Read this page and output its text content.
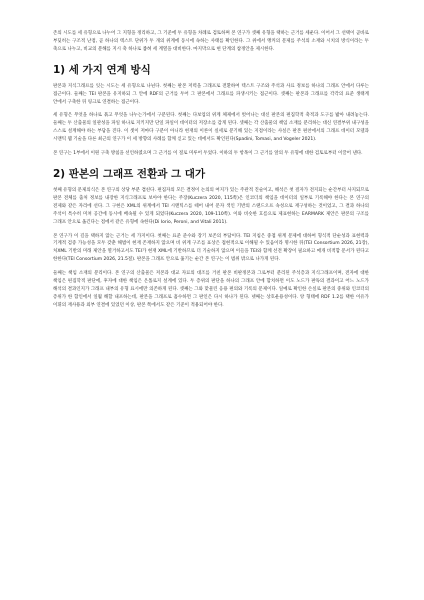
존의 시도를 세 유형으로 나누어 그 지형을 정리하고, 그 기준에 두 유형을 차례로 검토하며 본 연구가 셋째 유형을 택하는 근거를 세운다. 이어서 그 선택이 곧바로 부딪히는 구조적 난점, 곧 하나의 텍스트 단위가 두 개의 위계에 동시에 속하는 사태를 확인한다. 그 위에서 앵커의 문제를 주석의 소재와 시치의 방식이라는 두 축으로 나누고, 비교의 분해를 지시 축 하나로 좁혀 세 계열을 대비한다. 마지막으로 현 단계의 참정안을 제시한다.

1) 세 가지 연계 방식

판본과 지식그래프를 잇는 시도는 세 유형으로 나뉜다. 첫째는 판본 저력을 그래프로 전환하여 텍스트 구조와 주석과 사료 정보를 하나의 그래프 안에서 다루는 접근이다. 둘째는 TEI 판본을 유지하되 그 안에 RDF의 근거를 두어 그 판본에서 그래프를 파생시키는 접근이다. 셋째는 판본과 그래프를 각각의 표준 생태계 안에서 구축한 뒤 링크로 연결하는 접근이다.

세 유형은 무엇을 하나로 묶고 무엇을 나누는가에서 구분된다. 첫째는 다보업의 위계 체제에서 벗어나는 대신 판본의 편집학적 축적과 도구를 밟아 내려놓는다. 둘째는 두 산출물의 일관성을 파일 하나로 지키지만 단일 파일이 데이터의 저장소를 감게 된다. 셋째는 각 산출물의 책임 소재를 분리하는 대신 연결부위 내구성을 스스로 설계해야 하는 부담을 진다. 이 셋이 저마다 구분이 아니라 현재의 이론이 실세로 분기해 있는 지점이라는 사실은 판본 편찬에서의 그래프 데이터 모델과 시맨틱 웹 기술을 다른 최근의 연구가 이 세 방향의 사례를 함께 싣고 있는 데에서도 확인된다(Spadini, Tomasi, and Vogeler 2021).

본 연구는 1부에서 이원 구축 방침을 선언하였으며 그 근거를 이 절로 미루어 두었다. 이하의 두 항목이 그 근거를 앞의 두 유형에 대한 검토로부터 이끌어 낸다.

2) 판본의 그래프 전환과 그 대가

첫째 유형의 문제의식은 본 연구의 상당 부분 겹친다. 편집자의 모든 결정이 논의의 여지가 있는 주관적 진술이고, 해석은 첫 걸자가 전지되는 순간부터 사지되므로 판본 전체를 출처 정보를 내장한 지식그래프로 보아야 한다는 주장(Kuczera 2020, 115쪽)은 인코더의 책임을 데이터의 일부로 기록해야 한다는 본 연구의 전제와 같은 자리에 선다. 그 구현은 XML의 위계에서 TEI 시맨틱스를 떼어 내어 문자 색인 기반의 스탠드오프 속성으로 재구성하는 것이었고, 그 결과 하나의 주석이 특수히 미쳐 공간에 동시에 배속될 수 있게 되었다(Kuczera 2020, 109-110쪽). 이와 비슷한 흐름으로 제표현하는 EARMARK 제안은 판본의 구조를 그래프 안으로 옮긴다는 점에서 같은 유형에 속한다(Di Iorio, Peroni, and Vitali 2011).

본 연구가 이 길을 택하지 않는 근거는 세 가지이다. 첫째는 표준 준수와 장기 보존의 부담이다. TEI 지침은 중첩 위계 문제에 대하여 형식적 단순성과 표현력과 기계적 검증 가능성을 모두 갖춘 해법이 현재 존재하지 않으며 비 위계 구조를 표상은 접현적으로 이해될 수 있음이라 명시한 뒤(TEI Consortium 2026, 21장), 처XML 기반의 미래 제안을 열거하고서도 TEI가 현재 XML에 기반하므로 더 기술하지 않으며 이들을 TEI와 함께 선전 확장이 필요하고 매개 비적합 문서가 된다고 한한다(TEI Consortium 2026, 21.5절). 판본을 그래프 안으로 옮기는 순간 본 연구는 이 범위 밖으로 나가게 된다.

둘째는 책임 소재의 분리이다. 본 연구의 산출물은 저본과 대교 자료의 대조를 거친 판본 비판정본과 그로부터 분리된 주석층과 지식그래프이며, 전자에 대한 책임은 편집학적 판단에, 후자에 대한 책임은 온톨로지 설계에 있다. 두 층위의 판단을 하나의 그래프 안에 합치하면 이도 노드가 판독의 결과이고 어느 노드가 해석의 결과인지가 그래프 내부의 유형 표시에만 의존하게 된다. 셋째는 그와 맞물린 응용 편의와 기록의 문제이다. 일예로 확인한 손실로 판본의 중위와 인코더의 층위가 한 함인에서 일월 해할 내포하는데, 판본을 그래프로 흡수하면 그 판인은 다시 하나가 된다. 넷째는 상호운용성이다. 앙 형태에 RDF 1.2를 택한 이유가 이휘의 재사용과 외부 연결에 있었던 이상, 판본 쪽에서도 같은 기준이 적용되어야 한다.
